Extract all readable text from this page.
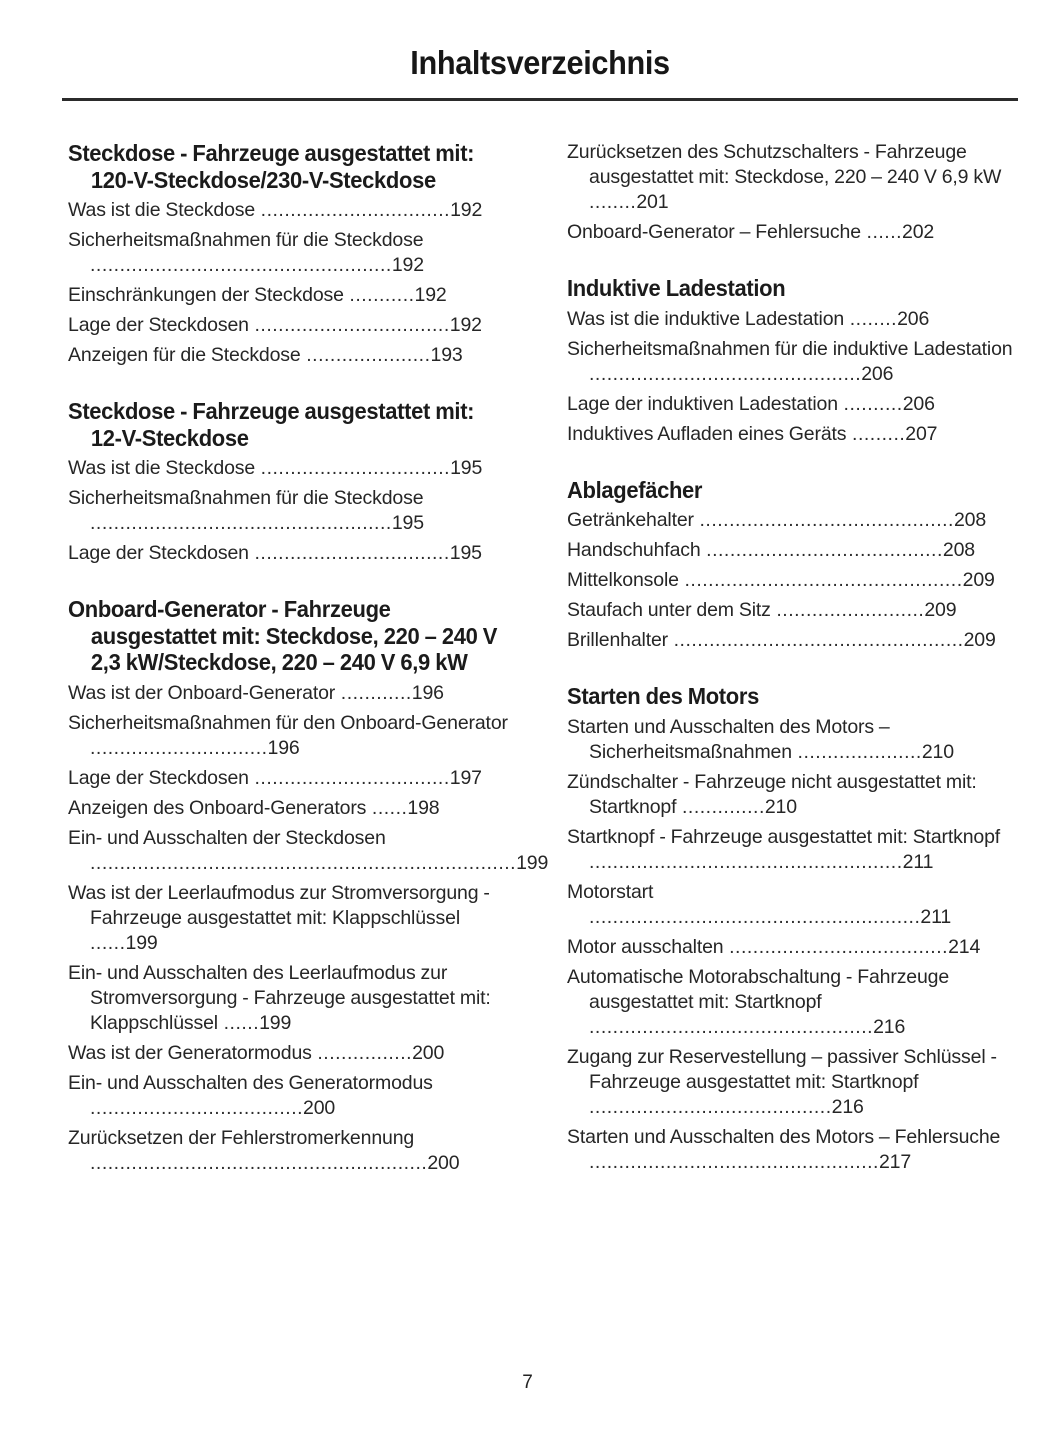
Inhaltsverzeichnis
Steckdose - Fahrzeuge ausgestattet mit: 120-V-Steckdose/230-V-Steckdose
Was ist die Steckdose ................................192
Sicherheitsmaßnahmen für die Steckdose ...................................................192
Einschränkungen der Steckdose ...........192
Lage der Steckdosen .................................192
Anzeigen für die Steckdose .....................193
Steckdose - Fahrzeuge ausgestattet mit: 12-V-Steckdose
Was ist die Steckdose ................................195
Sicherheitsmaßnahmen für die Steckdose ...................................................195
Lage der Steckdosen .................................195
Onboard-Generator - Fahrzeuge ausgestattet mit: Steckdose, 220 – 240 V 2,3 kW/Steckdose, 220 – 240 V 6,9 kW
Was ist der Onboard-Generator ............196
Sicherheitsmaßnahmen für den Onboard-Generator ..............................196
Lage der Steckdosen .................................197
Anzeigen des Onboard-Generators ......198
Ein- und Ausschalten der Steckdosen ........................................................................199
Was ist der Leerlaufmodus zur Stromversorgung - Fahrzeuge ausgestattet mit: Klappschlüssel ......199
Ein- und Ausschalten des Leerlaufmodus zur Stromversorgung - Fahrzeuge ausgestattet mit: Klappschlüssel ......199
Was ist der Generatormodus ................200
Ein- und Ausschalten des Generatormodus ....................................200
Zurücksetzen der Fehlerstromerkennung .........................................................200
Zurücksetzen des Schutzschalters - Fahrzeuge ausgestattet mit: Steckdose, 220 – 240 V 6,9 kW ........201
Onboard-Generator – Fehlersuche ......202
Induktive Ladestation
Was ist die induktive Ladestation ........206
Sicherheitsmaßnahmen für die induktive Ladestation ..............................................206
Lage der induktiven Ladestation ..........206
Induktives Aufladen eines Geräts .........207
Ablagefächer
Getränkehalter ...........................................208
Handschuhfach ........................................208
Mittelkonsole ...............................................209
Staufach unter dem Sitz .........................209
Brillenhalter .................................................209
Starten des Motors
Starten und Ausschalten des Motors – Sicherheitsmaßnahmen .....................210
Zündschalter - Fahrzeuge nicht ausgestattet mit: Startknopf ..............210
Startknopf - Fahrzeuge ausgestattet mit: Startknopf .....................................................211
Motorstart ........................................................211
Motor ausschalten .....................................214
Automatische Motorabschaltung - Fahrzeuge ausgestattet mit: Startknopf ................................................216
Zugang zur Reservestellung – passiver Schlüssel - Fahrzeuge ausgestattet mit: Startknopf .........................................216
Starten und Ausschalten des Motors – Fehlersuche .................................................217
7
